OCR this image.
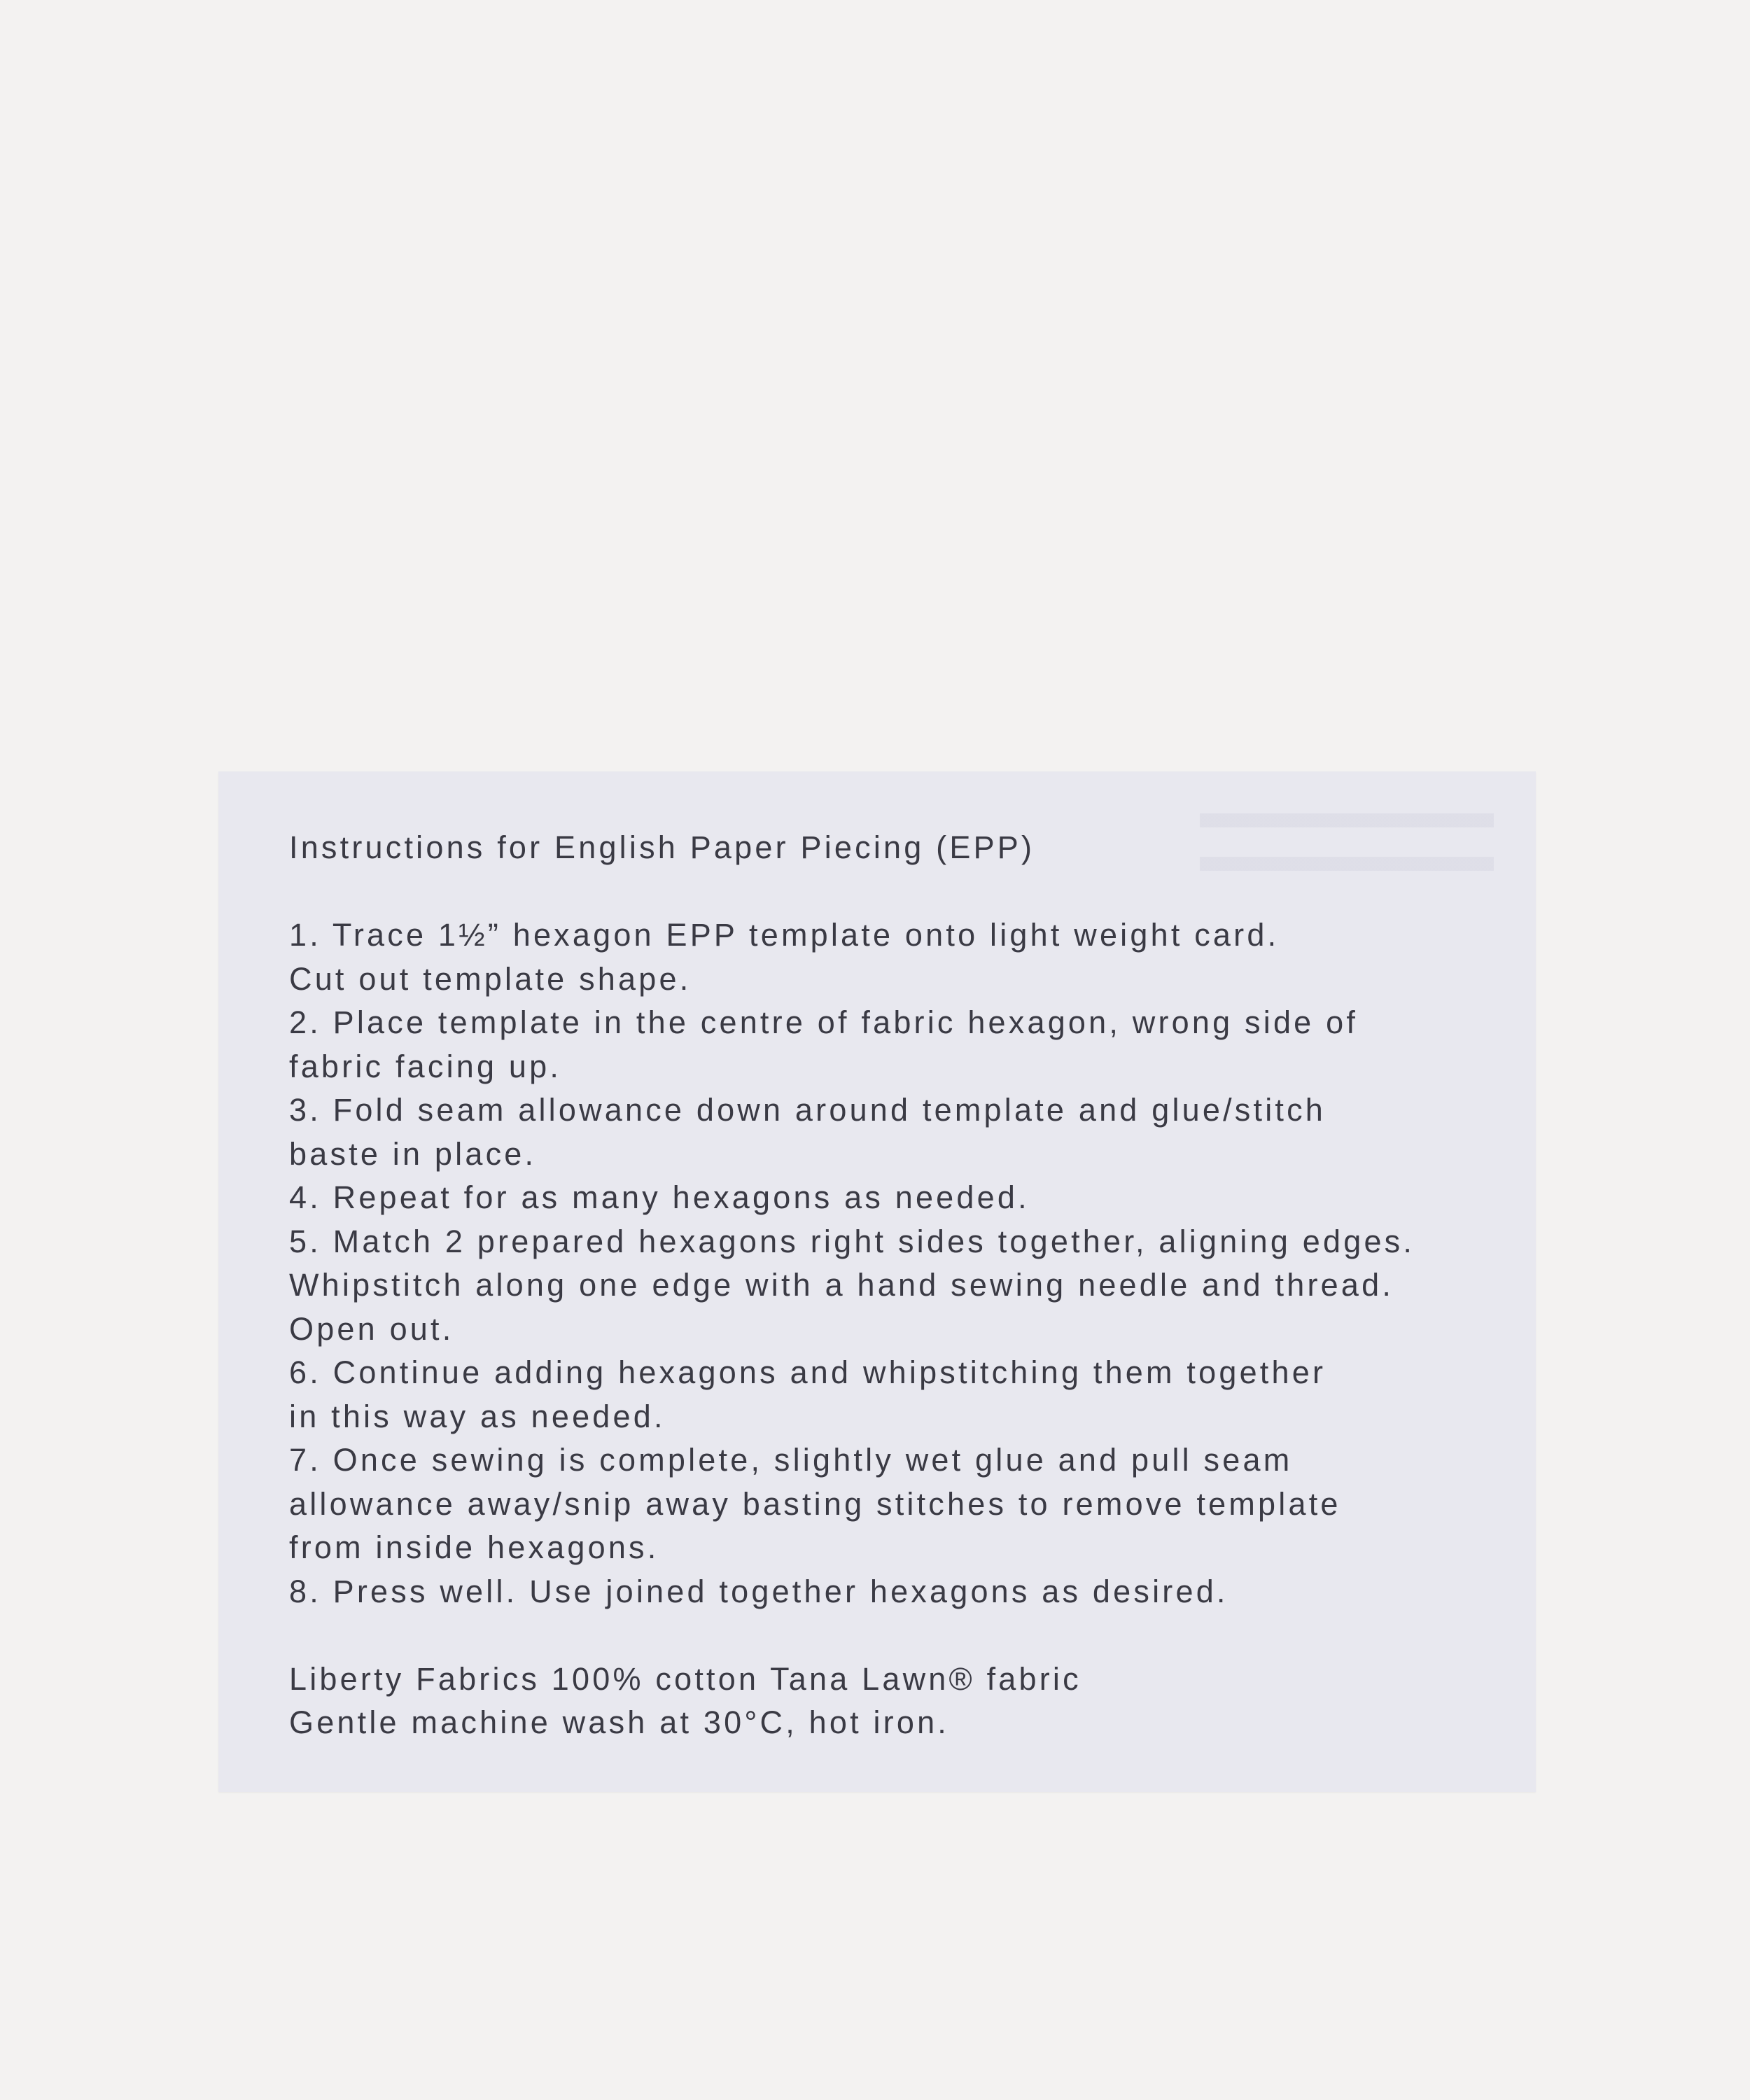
Instructions for English Paper Piecing (EPP)
1. Trace 1½” hexagon EPP template onto light weight card.
Cut out template shape.
2. Place template in the centre of fabric hexagon, wrong side of
fabric facing up.
3. Fold seam allowance down around template and glue/stitch
baste in place.
4. Repeat for as many hexagons as needed.
5. Match 2 prepared hexagons right sides together, aligning edges.
Whipstitch along one edge with a hand sewing needle and thread.
Open out.
6. Continue adding hexagons and whipstitching them together
in this way as needed.
7. Once sewing is complete, slightly wet glue and pull seam
allowance away/snip away basting stitches to remove template
from inside hexagons.
8. Press well. Use joined together hexagons as desired.
Liberty Fabrics 100% cotton Tana Lawn® fabric
Gentle machine wash at 30°C, hot iron.
